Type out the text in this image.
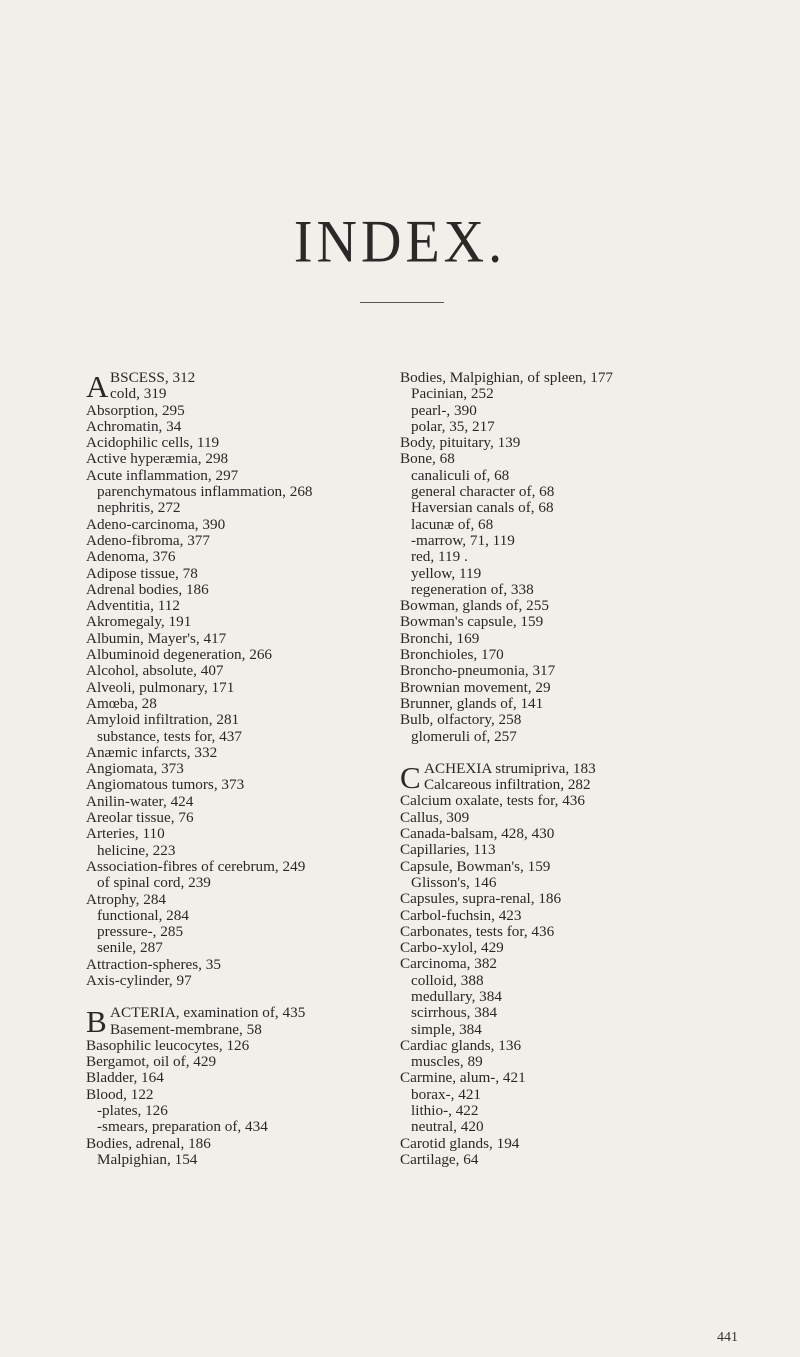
INDEX.
A BSCESS, 312
cold, 319
Absorption, 295
Achromatin, 34
Acidophilic cells, 119
Active hyperæmia, 298
Acute inflammation, 297
parenchymatous inflammation, 268
nephritis, 272
Adeno-carcinoma, 390
Adeno-fibroma, 377
Adenoma, 376
Adipose tissue, 78
Adrenal bodies, 186
Adventitia, 112
Akromegaly, 191
Albumin, Mayer's, 417
Albuminoid degeneration, 266
Alcohol, absolute, 407
Alveoli, pulmonary, 171
Amœba, 28
Amyloid infiltration, 281
substance, tests for, 437
Anæmic infarcts, 332
Angiomata, 373
Angiomatous tumors, 373
Anilin-water, 424
Areolar tissue, 76
Arteries, 110
helicine, 223
Association-fibres of cerebrum, 249
of spinal cord, 239
Atrophy, 284
functional, 284
pressure-, 285
senile, 287
Attraction-spheres, 35
Axis-cylinder, 97
B ACTERIA, examination of, 435
Basement-membrane, 58
Basophilic leucocytes, 126
Bergamot, oil of, 429
Bladder, 164
Blood, 122
-plates, 126
-smears, preparation of, 434
Bodies, adrenal, 186
Malpighian, 154
Bodies, Malpighian, of spleen, 177
Pacinian, 252
pearl-, 390
polar, 35, 217
Body, pituitary, 139
Bone, 68
canaliculi of, 68
general character of, 68
Haversian canals of, 68
lacunæ of, 68
-marrow, 71, 119
red, 119 .
yellow, 119
regeneration of, 338
Bowman, glands of, 255
Bowman's capsule, 159
Bronchi, 169
Bronchioles, 170
Broncho-pneumonia, 317
Brownian movement, 29
Brunner, glands of, 141
Bulb, olfactory, 258
glomeruli of, 257
C ACHEXIA strumipriva, 183
Calcareous infiltration, 282
Calcium oxalate, tests for, 436
Callus, 309
Canada-balsam, 428, 430
Capillaries, 113
Capsule, Bowman's, 159
Glisson's, 146
Capsules, supra-renal, 186
Carbol-fuchsin, 423
Carbonates, tests for, 436
Carbo-xylol, 429
Carcinoma, 382
colloid, 388
medullary, 384
scirrhous, 384
simple, 384
Cardiac glands, 136
muscles, 89
Carmine, alum-, 421
borax-, 421
lithio-, 422
neutral, 420
Carotid glands, 194
Cartilage, 64
441
